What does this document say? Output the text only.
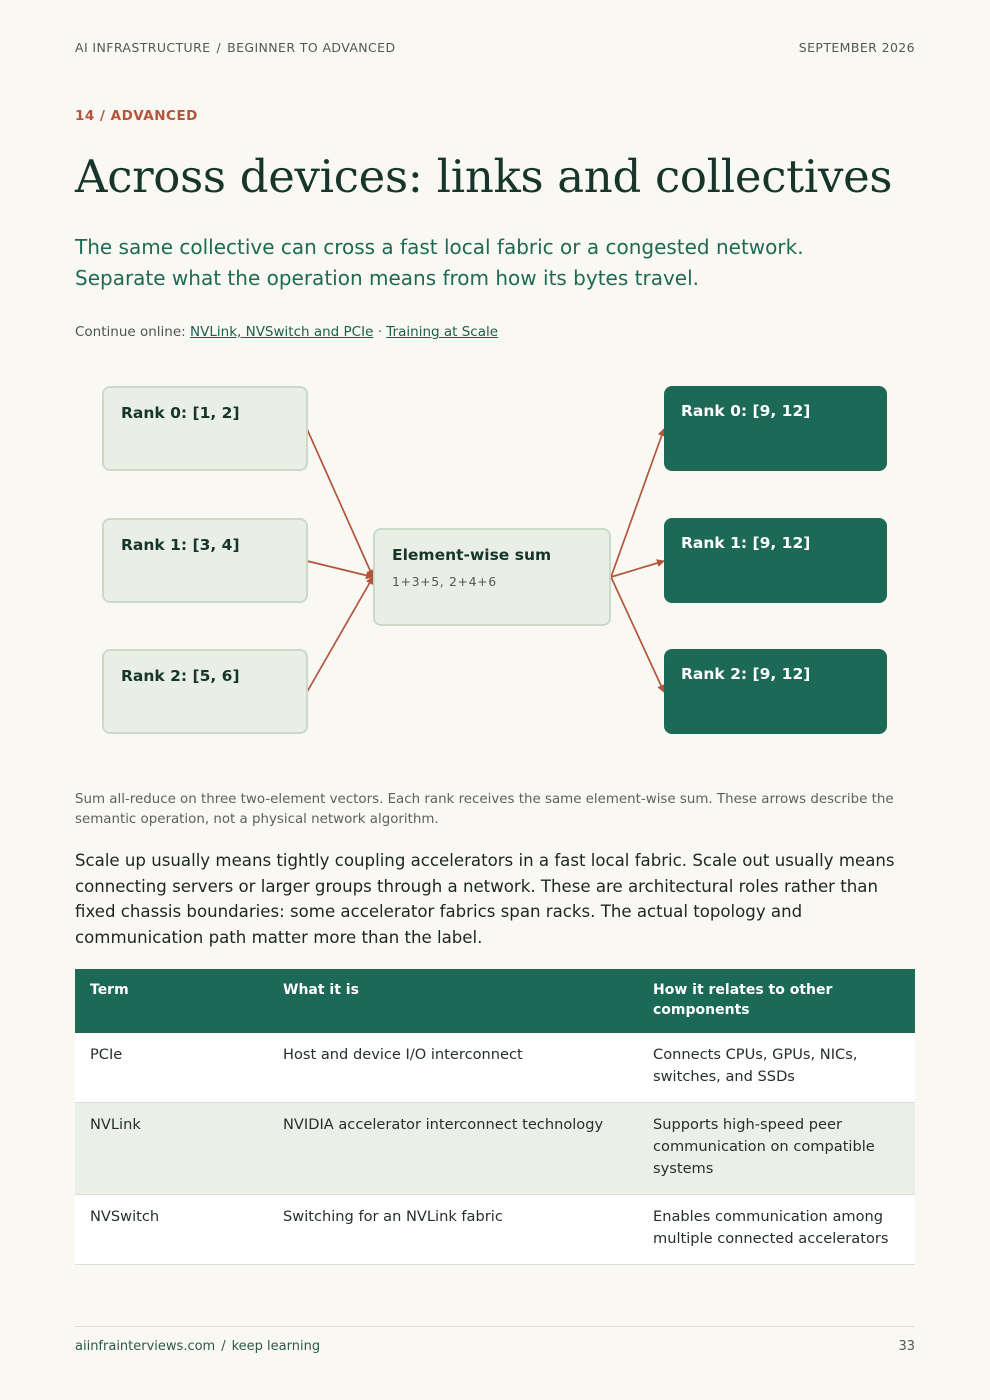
AI INFRASTRUCTURE / BEGINNER TO ADVANCED	SEPTEMBER 2026
14 / ADVANCED
Across devices: links and collectives

The same collective can cross a fast local fabric or a congested network. Separate what the operation means from how its bytes travel.

Continue online: NVLink, NVSwitch and PCIe · Training at Scale
Rank 0: [1, 2]
Rank 1: [3, 4]
Rank 2: [5, 6]
Element-wise sum
1+3+5, 2+4+6
Rank 0: [9, 12]
Rank 1: [9, 12]
Rank 2: [9, 12]

Sum all-reduce on three two-element vectors. Each rank receives the same element-wise sum. These arrows describe the semantic operation, not a physical network algorithm.

Scale up usually means tightly coupling accelerators in a fast local fabric. Scale out usually means connecting servers or larger groups through a network. These are architectural roles rather than fixed chassis boundaries: some accelerator fabrics span racks. The actual topology and communication path matter more than the label.

Term	What it is	How it relates to other components
PCIe	Host and device I/O interconnect	Connects CPUs, GPUs, NICs, switches, and SSDs
NVLink	NVIDIA accelerator interconnect technology	Supports high-speed peer communication on compatible systems
NVSwitch	Switching for an NVLink fabric	Enables communication among multiple connected accelerators
aiinfrainterviews.com / keep learning	33
